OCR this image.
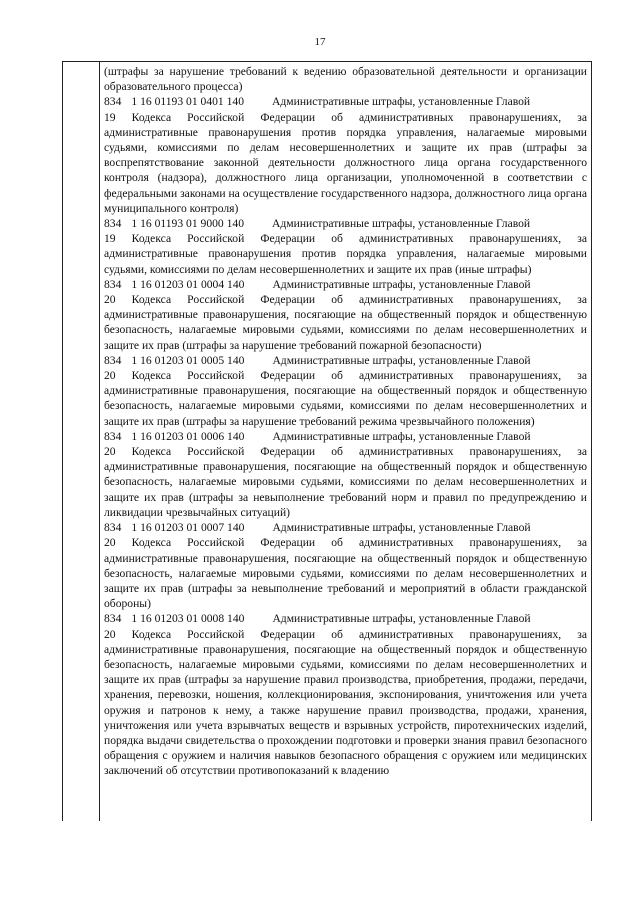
17

(штрафы за нарушение требований к ведению образовательной деятельности и организации образовательного процесса)

834 1 16 01193 01 0401 140 Административные штрафы, установленные Главой

19 Кодекса Российской Федерации об административных правонарушениях, за административные правонарушения против порядка управления, налагаемые мировыми судьями, комиссиями по делам несовершеннолетних и защите их прав (штрафы за воспрепятствование законной деятельности должностного лица органа государственного контроля (надзора), должностного лица организации, уполномоченной в соответствии с федеральными законами на осуществление государственного надзора, должностного лица органа муниципального контроля)

834 1 16 01193 01 9000 140 Административные штрафы, установленные Главой

19 Кодекса Российской Федерации об административных правонарушениях, за административные правонарушения против порядка управления, налагаемые мировыми судьями, комиссиями по делам несовершеннолетних и защите их прав (иные штрафы)

834 1 16 01203 01 0004 140 Административные штрафы, установленные Главой

20 Кодекса Российской Федерации об административных правонарушениях, за административные правонарушения, посягающие на общественный порядок и общественную безопасность, налагаемые мировыми судьями, комиссиями по делам несовершеннолетних и защите их прав (штрафы за нарушение требований пожарной безопасности)

834 1 16 01203 01 0005 140 Административные штрафы, установленные Главой

20 Кодекса Российской Федерации об административных правонарушениях, за административные правонарушения, посягающие на общественный порядок и общественную безопасность, налагаемые мировыми судьями, комиссиями по делам несовершеннолетних и защите их прав (штрафы за нарушение требований режима чрезвычайного положения)

834 1 16 01203 01 0006 140 Административные штрафы, установленные Главой

20 Кодекса Российской Федерации об административных правонарушениях, за административные правонарушения, посягающие на общественный порядок и общественную безопасность, налагаемые мировыми судьями, комиссиями по делам несовершеннолетних и защите их прав (штрафы за невыполнение требований норм и правил по предупреждению и ликвидации чрезвычайных ситуаций)

834 1 16 01203 01 0007 140 Административные штрафы, установленные Главой

20 Кодекса Российской Федерации об административных правонарушениях, за административные правонарушения, посягающие на общественный порядок и общественную безопасность, налагаемые мировыми судьями, комиссиями по делам несовершеннолетних и защите их прав (штрафы за невыполнение требований и мероприятий в области гражданской обороны)

834 1 16 01203 01 0008 140 Административные штрафы, установленные Главой

20 Кодекса Российской Федерации об административных правонарушениях, за административные правонарушения, посягающие на общественный порядок и общественную безопасность, налагаемые мировыми судьями, комиссиями по делам несовершеннолетних и защите их прав (штрафы за нарушение правил производства, приобретения, продажи, передачи, хранения, перевозки, ношения, коллекционирования, экспонирования, уничтожения или учета оружия и патронов к нему, а также нарушение правил производства, продажи, хранения, уничтожения или учета взрывчатых веществ и взрывных устройств, пиротехнических изделий, порядка выдачи свидетельства о прохождении подготовки и проверки знания правил безопасного обращения с оружием и наличия навыков безопасного обращения с оружием или медицинских заключений об отсутствии противопоказаний к владению
